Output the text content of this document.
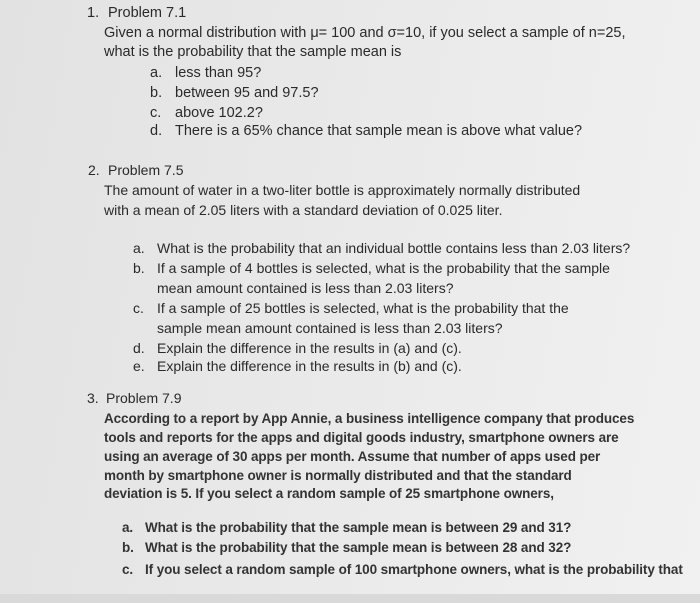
1. Problem 7.1
Given a normal distribution with μ= 100 and σ=10, if you select a sample of n=25,
what is the probability that the sample mean is
a. less than 95?
b. between 95 and 97.5?
c. above 102.2?
d. There is a 65% chance that sample mean is above what value?
2. Problem 7.5
The amount of water in a two-liter bottle is approximately normally distributed
with a mean of 2.05 liters with a standard deviation of 0.025 liter.
a. What is the probability that an individual bottle contains less than 2.03 liters?
b. If a sample of 4 bottles is selected, what is the probability that the sample
mean amount contained is less than 2.03 liters?
c. If a sample of 25 bottles is selected, what is the probability that the
sample mean amount contained is less than 2.03 liters?
d. Explain the difference in the results in (a) and (c).
e. Explain the difference in the results in (b) and (c).
3. Problem 7.9
According to a report by App Annie, a business intelligence company that produces
tools and reports for the apps and digital goods industry, smartphone owners are
using an average of 30 apps per month. Assume that number of apps used per
month by smartphone owner is normally distributed and that the standard
deviation is 5. If you select a random sample of 25 smartphone owners,
a. What is the probability that the sample mean is between 29 and 31?
b. What is the probability that the sample mean is between 28 and 32?
c. If you select a random sample of 100 smartphone owners, what is the probability that
